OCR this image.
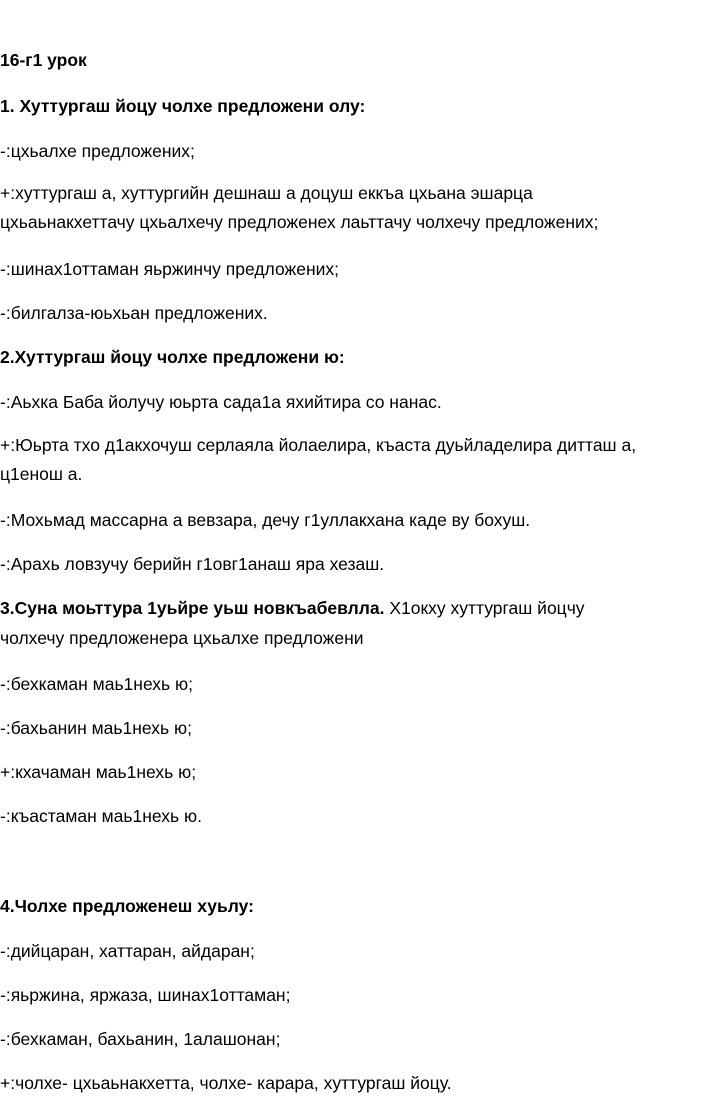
16-г1 урок
1. Хуттургаш йоцу чолхе предложени олу:
-:цхьалхе предложених;
+:хуттургаш а, хуттургийн дешнаш а доцуш еккъа цхьана эшарца
цхьаьнакхеттачу цхьалхечу предложенех лаьттачу чолхечу предложених;
-:шинах1оттаман яьржинчу предложених;
-:билгалза-юьхьан предложених.
2.Хуттургаш йоцу чолхе предложени ю:
-:Аьхка Баба йолучу юьрта сада1а яхийтира со нанас.
+:Юьрта тхо д1акхочуш серлаяла йолаелира, къаста дуьйладелира дитташ а,
ц1енош а.
-:Мохьмад массарна а вевзара, дечу г1уллакхана каде ву бохуш.
-:Арахь ловзучу берийн г1овг1анаш яра хезаш.
3.Суна моьттура 1уьйре уьш новкъабевлла. Х1окху хуттургаш йоцчу
чолхечу предложенера цхьалхе предложени
-:бехкаман маь1нехь ю;
-:бахьанин маь1нехь ю;
+:кхачаман маь1нехь ю;
-:къастаман маь1нехь ю.
4.Чолхе предложенеш хуьлу:
-:дийцаран, хаттаран, айдаран;
-:яьржина, яржаза, шинах1оттаман;
-:бехкаман, бахьанин, 1алашонан;
+:чолхе- цхьаьнакхетта, чолхе- карара, хуттургаш йоцу.
